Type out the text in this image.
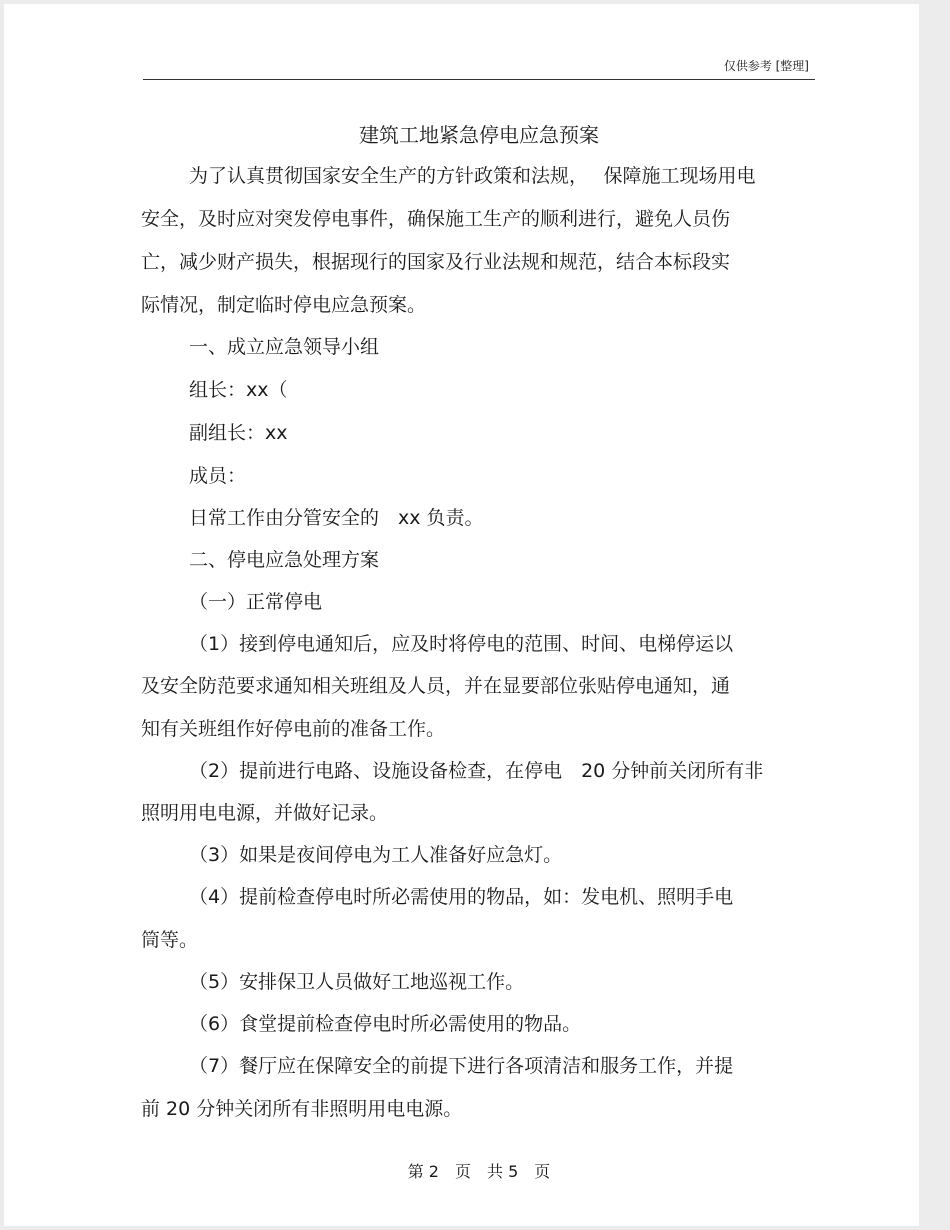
仅供参考 [整理]
建筑工地紧急停电应急预案
为了认真贯彻国家安全生产的方针政策和法规，　 保障施工现场用电
安全，及时应对突发停电事件，确保施工生产的顺利进行，避免人员伤
亡，减少财产损失，根据现行的国家及行业法规和规范，结合本标段实
际情况，制定临时停电应急预案。
一、成立应急领导小组
组长：xx（
副组长：xx
成员：
日常工作由分管安全的　xx 负责。
二、停电应急处理方案
（一）正常停电
（1）接到停电通知后，应及时将停电的范围、时间、电梯停运以
及安全防范要求通知相关班组及人员，并在显要部位张贴停电通知，通
知有关班组作好停电前的准备工作。
（2）提前进行电路、设施设备检查，在停电　20 分钟前关闭所有非
照明用电电源，并做好记录。
（3）如果是夜间停电为工人准备好应急灯。
（4）提前检查停电时所必需使用的物品，如：发电机、照明手电
筒等。
（5）安排保卫人员做好工地巡视工作。
（6）食堂提前检查停电时所必需使用的物品。
（7）餐厅应在保障安全的前提下进行各项清洁和服务工作，并提
前 20 分钟关闭所有非照明用电电源。
第 2　页　共 5　页
